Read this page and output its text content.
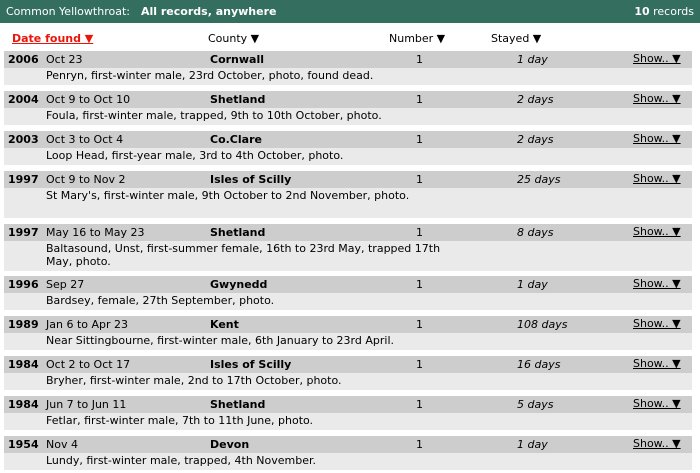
Common Yellowthroat: All records, anywhere	10 records
Date found ▼	County ▼	Number ▼	Stayed ▼
2006 Oct 23	Cornwall	1	1 day	Show.. ▼
Penryn, first-winter male, 23rd October, photo, found dead.
2004 Oct 9 to Oct 10	Shetland	1	2 days	Show.. ▼
Foula, first-winter male, trapped, 9th to 10th October, photo.
2003 Oct 3 to Oct 4	Co.Clare	1	2 days	Show.. ▼
Loop Head, first-year male, 3rd to 4th October, photo.
1997 Oct 9 to Nov 2	Isles of Scilly	1	25 days	Show.. ▼
St Mary's, first-winter male, 9th October to 2nd November, photo.
1997 May 16 to May 23	Shetland	1	8 days	Show.. ▼
Baltasound, Unst, first-summer female, 16th to 23rd May, trapped 17th May, photo.
1996 Sep 27	Gwynedd	1	1 day	Show.. ▼
Bardsey, female, 27th September, photo.
1989 Jan 6 to Apr 23	Kent	1	108 days	Show.. ▼
Near Sittingbourne, first-winter male, 6th January to 23rd April.
1984 Oct 2 to Oct 17	Isles of Scilly	1	16 days	Show.. ▼
Bryher, first-winter male, 2nd to 17th October, photo.
1984 Jun 7 to Jun 11	Shetland	1	5 days	Show.. ▼
Fetlar, first-winter male, 7th to 11th June, photo.
1954 Nov 4	Devon	1	1 day	Show.. ▼
Lundy, first-winter male, trapped, 4th November.
